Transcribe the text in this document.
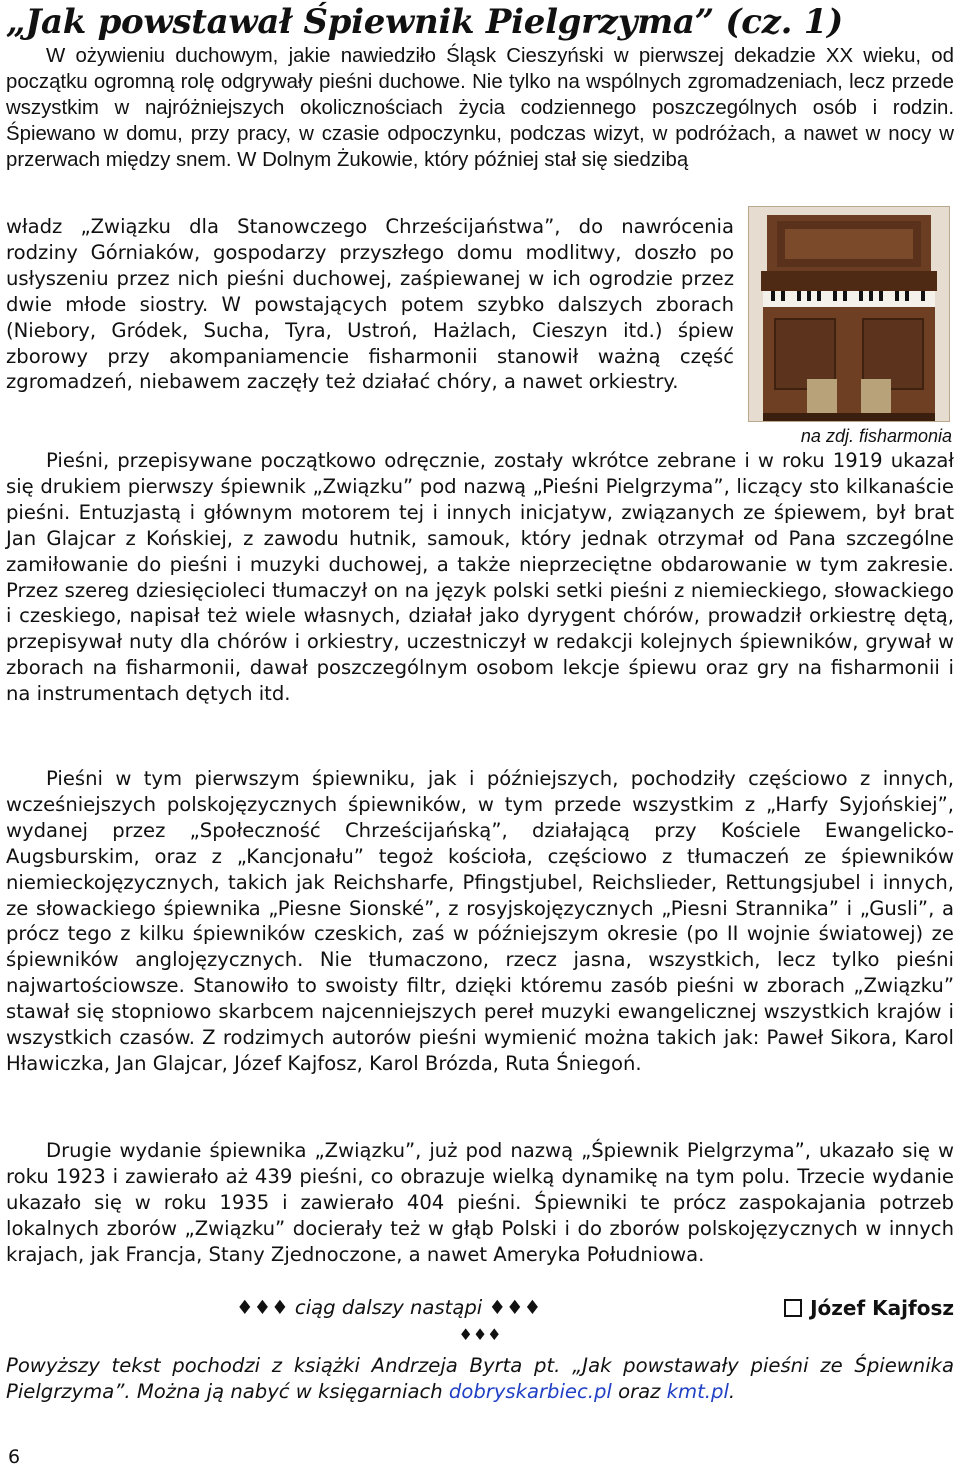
„Jak powstawał Śpiewnik Pielgrzyma” (cz. 1)

W ożywieniu duchowym, jakie nawiedziło Śląsk Cieszyński w pierwszej dekadzie XX wieku, od początku ogromną rolę odgrywały pieśni duchowe. Nie tylko na wspólnych zgromadzeniach, lecz przede wszystkim w najróżniejszych okolicznościach życia codziennego poszczególnych osób i rodzin. Śpiewano w domu, przy pracy, w czasie odpoczynku, podczas wizyt, w podróżach, a nawet w nocy w przerwach między snem. W Dolnym Żukowie, który później stał się siedzibą

władz „Związku dla Stanowczego Chrześcijaństwa”, do nawrócenia rodziny Górniaków, gospodarzy przyszłego domu modlitwy, doszło po usłyszeniu przez nich pieśni duchowej, zaśpiewanej w ich ogrodzie przez dwie młode siostry. W powstających potem szybko dalszych zborach (Niebory, Gródek, Sucha, Tyra, Ustroń, Hażlach, Cieszyn itd.) śpiew zborowy przy akompaniamencie fisharmonii stanowił ważną część zgromadzeń, niebawem zaczęły też działać chóry, a nawet orkiestry.

na zdj. fisharmonia

Pieśni, przepisywane początkowo odręcznie, zostały wkrótce zebrane i w roku 1919 ukazał się drukiem pierwszy śpiewnik „Związku” pod nazwą „Pieśni Pielgrzyma”, liczący sto kilkanaście pieśni. Entuzjastą i głównym motorem tej i innych inicjatyw, związanych ze śpiewem, był brat Jan Glajcar z Końskiej, z zawodu hutnik, samouk, który jednak otrzymał od Pana szczególne zamiłowanie do pieśni i muzyki duchowej, a także nieprzeciętne obdarowanie w tym zakresie. Przez szereg dziesięcioleci tłumaczył on na język polski setki pieśni z niemieckiego, słowackiego i czeskiego, napisał też wiele własnych, działał jako dyrygent chórów, prowadził orkiestrę dętą, przepisywał nuty dla chórów i orkiestry, uczestniczył w redakcji kolejnych śpiewników, grywał w zborach na fisharmonii, dawał poszczególnym osobom lekcje śpiewu oraz gry na fisharmonii i na instrumentach dętych itd.

Pieśni w tym pierwszym śpiewniku, jak i późniejszych, pochodziły częściowo z innych, wcześniejszych polskojęzycznych śpiewników, w tym przede wszystkim z „Harfy Syjońskiej”, wydanej przez „Społeczność Chrześcijańską”, działającą przy Kościele Ewangelicko-Augsburskim, oraz z „Kancjonału” tegoż kościoła, częściowo z tłumaczeń ze śpiewników niemieckojęzycznych, takich jak Reichsharfe, Pfingstjubel, Reichslieder, Rettungsjubel i innych, ze słowackiego śpiewnika „Piesne Sionské”, z rosyjskojęzycznych „Piesni Strannika” i „Gusli”, a prócz tego z kilku śpiewników czeskich, zaś w późniejszym okresie (po II wojnie światowej) ze śpiewników anglojęzycznych. Nie tłumaczono, rzecz jasna, wszystkich, lecz tylko pieśni najwartościowsze. Stanowiło to swoisty filtr, dzięki któremu zasób pieśni w zborach „Związku” stawał się stopniowo skarbcem najcenniejszych pereł muzyki ewangelicznej wszystkich krajów i wszystkich czasów. Z rodzimych autorów pieśni wymienić można takich jak: Paweł Sikora, Karol Hławiczka, Jan Glajcar, Józef Kajfosz, Karol Brózda, Ruta Śniegoń.

Drugie wydanie śpiewnika „Związku”, już pod nazwą „Śpiewnik Pielgrzyma”, ukazało się w roku 1923 i zawierało aż 439 pieśni, co obrazuje wielką dynamikę na tym polu. Trzecie wydanie ukazało się w roku 1935 i zawierało 404 pieśni. Śpiewniki te prócz zaspokajania potrzeb lokalnych zborów „Związku” docierały też w głąb Polski i do zborów polskojęzycznych w innych krajach, jak Francja, Stany Zjednoczone, a nawet Ameryka Południowa.

♦♦♦ ciąg dalszy nastąpi ♦♦♦	Józef Kajfosz
♦♦♦
Powyższy tekst pochodzi z książki Andrzeja Byrta pt. „Jak powstawały pieśni ze Śpiewnika Pielgrzyma”. Można ją nabyć w księgarniach dobryskarbiec.pl oraz kmt.pl.
6
